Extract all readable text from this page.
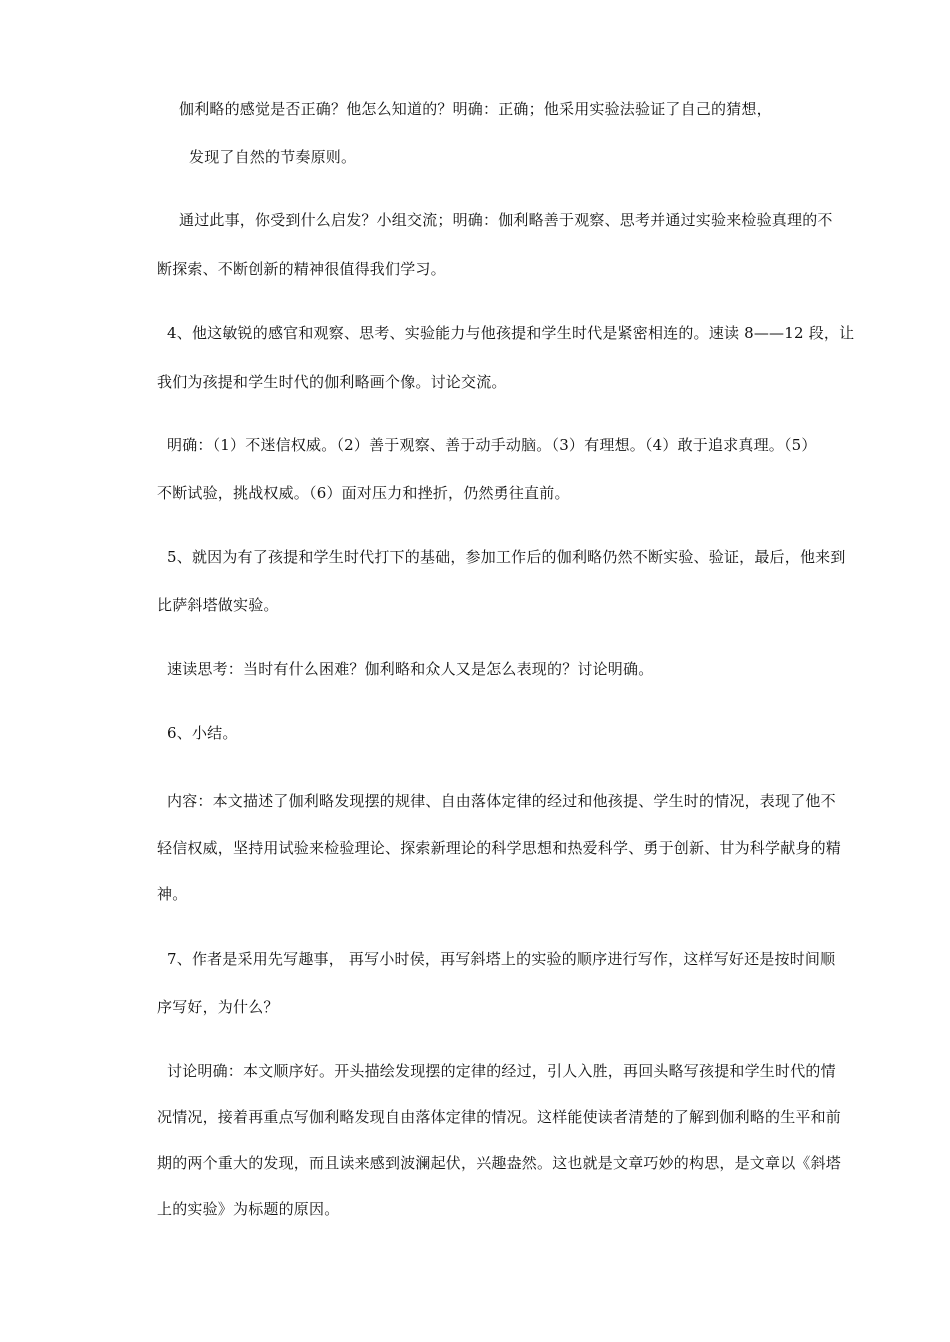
伽利略的感觉是否正确？他怎么知道的？明确：正确；他采用实验法验证了自己的猜想，
发现了自然的节奏原则。
通过此事，你受到什么启发？小组交流；明确：伽利略善于观察、思考并通过实验来检验真理的不
断探索、不断创新的精神很值得我们学习。
4、他这敏锐的感官和观察、思考、实验能力与他孩提和学生时代是紧密相连的。速读 8——12 段，让
我们为孩提和学生时代的伽利略画个像。讨论交流。
明确：（1）不迷信权威。（2）善于观察、善于动手动脑。（3）有理想。（4）敢于追求真理。（5）
不断试验，挑战权威。（6）面对压力和挫折，仍然勇往直前。
5、就因为有了孩提和学生时代打下的基础，参加工作后的伽利略仍然不断实验、验证，最后，他来到
比萨斜塔做实验。
速读思考：当时有什么困难？伽利略和众人又是怎么表现的？讨论明确。
6、小结。
内容：本文描述了伽利略发现摆的规律、自由落体定律的经过和他孩提、学生时的情况，表现了他不
轻信权威，坚持用试验来检验理论、探索新理论的科学思想和热爱科学、勇于创新、甘为科学献身的精
神。
7、作者是采用先写趣事， 再写小时侯，再写斜塔上的实验的顺序进行写作，这样写好还是按时间顺
序写好，为什么？
讨论明确：本文顺序好。开头描绘发现摆的定律的经过，引人入胜，再回头略写孩提和学生时代的情
况情况，接着再重点写伽利略发现自由落体定律的情况。这样能使读者清楚的了解到伽利略的生平和前
期的两个重大的发现，而且读来感到波澜起伏，兴趣盎然。这也就是文章巧妙的构思，是文章以《斜塔
上的实验》为标题的原因。
